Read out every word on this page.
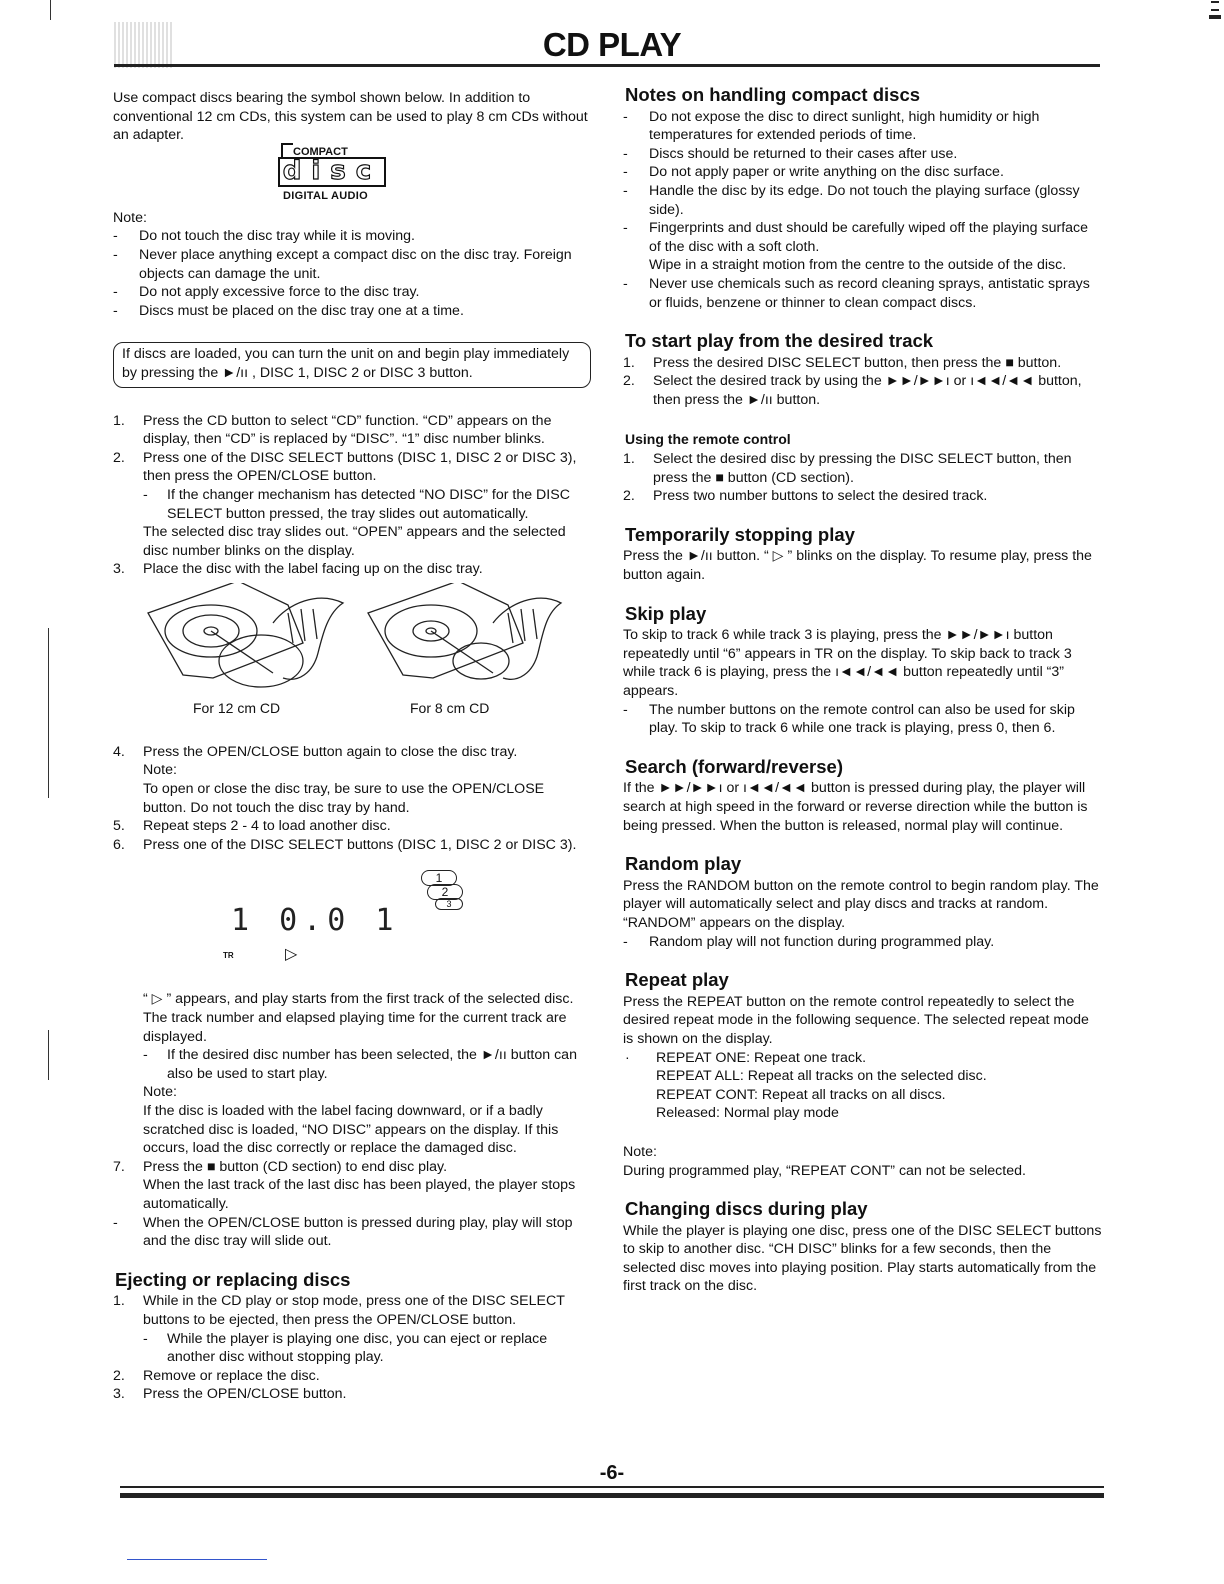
CD PLAY

Use compact discs bearing the symbol shown below. In addition to conventional 12 cm CDs, this system can be used to play 8 cm CDs without an adapter.

COMPACT
disc
DIGITAL AUDIO

Note:

- Do not touch the disc tray while it is moving.

- Never place anything except a compact disc on the disc tray. Foreign objects can damage the unit.

- Do not apply excessive force to the disc tray.

- Discs must be placed on the disc tray one at a time.

If discs are loaded, you can turn the unit on and begin play immediately by pressing the ►/ıı , DISC 1, DISC 2 or DISC 3 button.

1. Press the CD button to select “CD” function. “CD” appears on the display, then “CD” is replaced by “DISC”. “1” disc number blinks.

2. Press one of the DISC SELECT buttons (DISC 1, DISC 2 or DISC 3), then press the OPEN/CLOSE button.

- If the changer mechanism has detected “NO DISC” for the DISC SELECT button pressed, the tray slides out automatically.

The selected disc tray slides out. “OPEN” appears and the selected disc number blinks on the display.

3. Place the disc with the label facing up on the disc tray.

For 12 cm CD	For 8 cm CD

4. Press the OPEN/CLOSE button again to close the disc tray.

Note:

To open or close the disc tray, be sure to use the OPEN/CLOSE button. Do not touch the disc tray by hand.

5. Repeat steps 2 - 4 to load another disc.

6. Press one of the DISC SELECT buttons (DISC 1, DISC 2 or DISC 3).

1
2
3
1 0.0 1
TR	▷

“ ▷ ” appears, and play starts from the first track of the selected disc. The track number and elapsed playing time for the current track are displayed.

- If the desired disc number has been selected, the ►/ıı button can also be used to start play.

Note:

If the disc is loaded with the label facing downward, or if a badly scratched disc is loaded, “NO DISC” appears on the display. If this occurs, load the disc correctly or replace the damaged disc.

7. Press the ■ button (CD section) to end disc play.

When the last track of the last disc has been played, the player stops automatically.

- When the OPEN/CLOSE button is pressed during play, play will stop and the disc tray will slide out.

Ejecting or replacing discs

1. While in the CD play or stop mode, press one of the DISC SELECT buttons to be ejected, then press the OPEN/CLOSE button.

- While the player is playing one disc, you can eject or replace another disc without stopping play.

2. Remove or replace the disc.

3. Press the OPEN/CLOSE button.

Notes on handling compact discs

- Do not expose the disc to direct sunlight, high humidity or high temperatures for extended periods of time.

- Discs should be returned to their cases after use.

- Do not apply paper or write anything on the disc surface.

- Handle the disc by its edge. Do not touch the playing surface (glossy side).

- Fingerprints and dust should be carefully wiped off the playing surface of the disc with a soft cloth.

Wipe in a straight motion from the centre to the outside of the disc.

- Never use chemicals such as record cleaning sprays, antistatic sprays or fluids, benzene or thinner to clean compact discs.

To start play from the desired track

1. Press the desired DISC SELECT button, then press the ■ button.

2. Select the desired track by using the ►►/►►ı or ı◄◄/◄◄ button, then press the ►/ıı button.

Using the remote control

1. Select the desired disc by pressing the DISC SELECT button, then press the ■ button (CD section).

2. Press two number buttons to select the desired track.

Temporarily stopping play

Press the ►/ıı button. “ ▷ ” blinks on the display. To resume play, press the button again.

Skip play

To skip to track 6 while track 3 is playing, press the ►►/►►ı button repeatedly until “6” appears in TR on the display. To skip back to track 3 while track 6 is playing, press the ı◄◄/◄◄ button repeatedly until “3” appears.

- The number buttons on the remote control can also be used for skip play. To skip to track 6 while one track is playing, press 0, then 6.

Search (forward/reverse)

If the ►►/►►ı or ı◄◄/◄◄ button is pressed during play, the player will search at high speed in the forward or reverse direction while the button is being pressed. When the button is released, normal play will continue.

Random play

Press the RANDOM button on the remote control to begin random play. The player will automatically select and play discs and tracks at random. “RANDOM” appears on the display.

- Random play will not function during programmed play.

Repeat play

Press the REPEAT button on the remote control repeatedly to select the desired repeat mode in the following sequence. The selected repeat mode is shown on the display.

· REPEAT ONE: Repeat one track.

REPEAT ALL: Repeat all tracks on the selected disc.

REPEAT CONT: Repeat all tracks on all discs.

Released: Normal play mode

Note:

During programmed play, “REPEAT CONT” can not be selected.

Changing discs during play

While the player is playing one disc, press one of the DISC SELECT buttons to skip to another disc. “CH DISC” blinks for a few seconds, then the selected disc moves into playing position. Play starts automatically from the first track on the disc.

-6-
